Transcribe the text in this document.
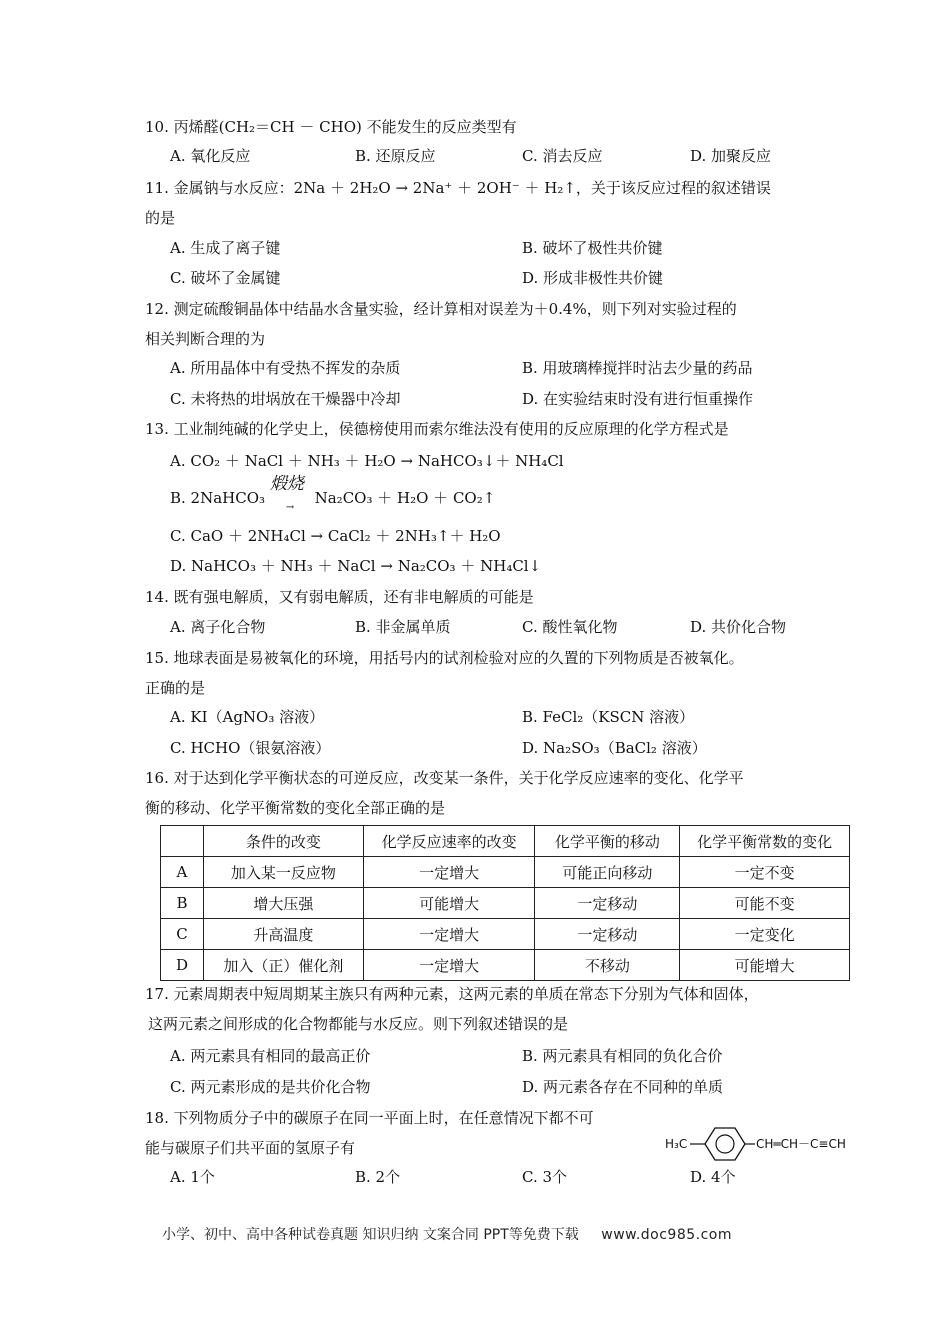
10. 丙烯醛(CH₂＝CH － CHO) 不能发生的反应类型有
A. 氧化反应	B. 还原反应	C. 消去反应	D. 加聚反应
11. 金属钠与水反应：2Na ＋ 2H₂O → 2Na⁺ ＋ 2OH⁻ ＋ H₂↑，关于该反应过程的叙述错误
的是
A. 生成了离子键	B. 破坏了极性共价键
C. 破坏了金属键	D. 形成非极性共价键
12. 测定硫酸铜晶体中结晶水含量实验，经计算相对误差为＋0.4%，则下列对实验过程的
相关判断合理的为
A. 所用晶体中有受热不挥发的杂质	B. 用玻璃棒搅拌时沾去少量的药品
C. 未将热的坩埚放在干燥器中冷却	D. 在实验结束时没有进行恒重操作
13. 工业制纯碱的化学史上，侯德榜使用而索尔维法没有使用的反应原理的化学方程式是
A. CO₂ ＋ NaCl ＋ NH₃ ＋ H₂O → NaHCO₃↓＋ NH₄Cl
B. 2NaHCO₃
煅烧
→
Na₂CO₃ ＋ H₂O ＋ CO₂↑
C. CaO ＋ 2NH₄Cl → CaCl₂ ＋ 2NH₃↑＋ H₂O
D. NaHCO₃ ＋ NH₃ ＋ NaCl → Na₂CO₃ ＋ NH₄Cl↓
14. 既有强电解质，又有弱电解质，还有非电解质的可能是
A. 离子化合物	B. 非金属单质	C. 酸性氧化物	D. 共价化合物
15. 地球表面是易被氧化的环境，用括号内的试剂检验对应的久置的下列物质是否被氧化。
正确的是
A. KI（AgNO₃ 溶液）	B. FeCl₂（KSCN 溶液）
C. HCHO（银氨溶液）	D. Na₂SO₃（BaCl₂ 溶液）
16. 对于达到化学平衡状态的可逆反应，改变某一条件，关于化学反应速率的变化、化学平
衡的移动、化学平衡常数的变化全部正确的是
	条件的改变	化学反应速率的改变	化学平衡的移动	化学平衡常数的变化
A	加入某一反应物	一定增大	可能正向移动	一定不变
B	增大压强	可能增大	一定移动	可能不变
C	升高温度	一定增大	一定移动	一定变化
D	加入（正）催化剂	一定增大	不移动	可能增大
17. 元素周期表中短周期某主族只有两种元素，这两元素的单质在常态下分别为气体和固体，
这两元素之间形成的化合物都能与水反应。则下列叙述错误的是
A. 两元素具有相同的最高正价	B. 两元素具有相同的负化合价
C. 两元素形成的是共价化合物	D. 两元素各存在不同种的单质
18. 下列物质分子中的碳原子在同一平面上时，在任意情况下都不可
能与碳原子们共平面的氢原子有
A. 1个	B. 2个	C. 3个	D. 4个
H₃C	CH═CH－C≡CH
小学、初中、高中各种试卷真题 知识归纳 文案合同 PPT等免费下载 www.doc985.com
